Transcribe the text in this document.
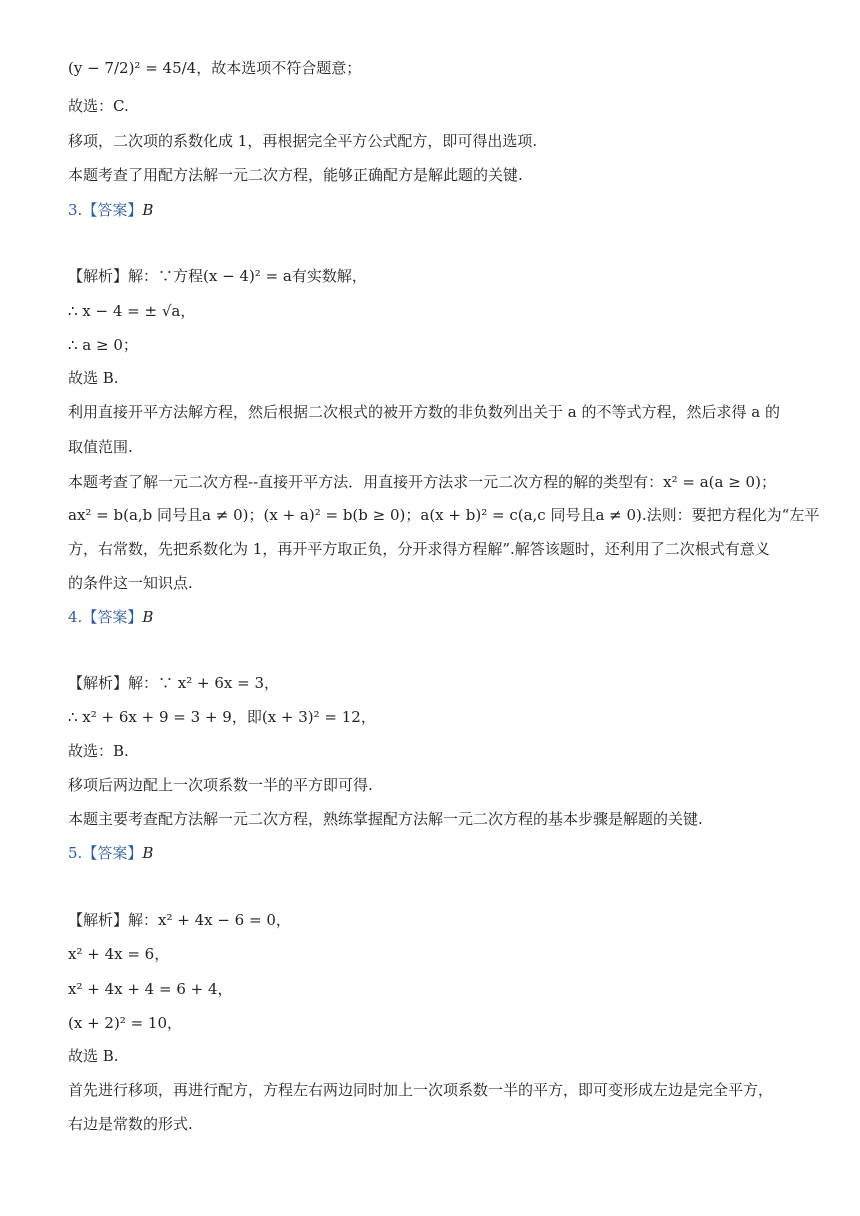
(y − 7/2)² = 45/4，故本选项不符合题意；
故选：C.
移项，二次项的系数化成 1，再根据完全平方公式配方，即可得出选项.
本题考查了用配方法解一元二次方程，能够正确配方是解此题的关键.
3.【答案】B
【解析】解：∵方程(x − 4)² = a有实数解，
∴ x − 4 = ± √a，
∴ a ≥ 0；
故选 B.
利用直接开平方法解方程，然后根据二次根式的被开方数的非负数列出关于 a 的不等式方程，然后求得 a 的
取值范围.
本题考查了解一元二次方程--直接开平方法．用直接开方法求一元二次方程的解的类型有：x² = a(a ≥ 0)；
ax² = b(a,b 同号且a ≠ 0)；(x + a)² = b(b ≥ 0)；a(x + b)² = c(a,c 同号且a ≠ 0).法则：要把方程化为“左平
方，右常数，先把系数化为 1，再开平方取正负，分开求得方程解”.解答该题时，还利用了二次根式有意义
的条件这一知识点.
4.【答案】B
【解析】解：∵ x² + 6x = 3，
∴ x² + 6x + 9 = 3 + 9，即(x + 3)² = 12，
故选：B.
移项后两边配上一次项系数一半的平方即可得.
本题主要考查配方法解一元二次方程，熟练掌握配方法解一元二次方程的基本步骤是解题的关键.
5.【答案】B
【解析】解：x² + 4x − 6 = 0，
x² + 4x = 6，
x² + 4x + 4 = 6 + 4，
(x + 2)² = 10，
故选 B.
首先进行移项，再进行配方，方程左右两边同时加上一次项系数一半的平方，即可变形成左边是完全平方，
右边是常数的形式.
